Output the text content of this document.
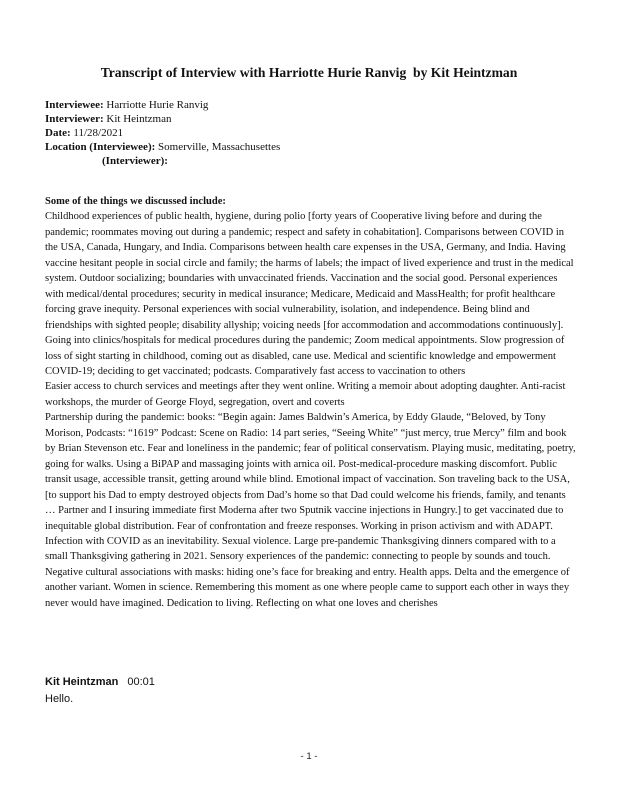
Transcript of Interview with Harriotte Hurie Ranvig  by Kit Heintzman
Interviewee: Harriotte Hurie Ranvig
Interviewer: Kit Heintzman
Date: 11/28/2021
Location (Interviewee): Somerville, Massachusettes
(Interviewer):

Some of the things we discussed include:

Childhood experiences of public health, hygiene, during polio [forty years of Cooperative living before and during the pandemic; roommates moving out during a pandemic; respect and safety in cohabitation]. Comparisons between COVID in the USA, Canada, Hungary, and India. Comparisons between health care expenses in the USA, Germany, and India. Having vaccine hesitant people in social circle and family; the harms of labels; the impact of lived experience and trust in the medical system. Outdoor socializing; boundaries with unvaccinated friends. Vaccination and the social good. Personal experiences with medical/dental procedures; security in medical insurance; Medicare, Medicaid and MassHealth; for profit healthcare forcing grave inequity. Personal experiences with social vulnerability, isolation, and independence. Being blind and friendships with sighted people; disability allyship; voicing needs [for accommodation and accommodations continuously]. Going into clinics/hospitals for medical procedures during the pandemic; Zoom medical appointments. Slow progression of loss of sight starting in childhood, coming out as disabled, cane use. Medical and scientific knowledge and empowerment COVID-19; deciding to get vaccinated; podcasts. Comparatively fast access to vaccination to others

Easier access to church services and meetings after they went online. Writing a memoir about adopting daughter. Anti-racist workshops, the murder of George Floyd, segregation, overt and coverts

Partnership during the pandemic: books: “Begin again: James Baldwin’s America, by Eddy Glaude, “Beloved, by Tony Morison, Podcasts: “1619” Podcast: Scene on Radio: 14 part series, “Seeing White” “just mercy, true Mercy” film and book by Brian Stevenson etc. Fear and loneliness in the pandemic; fear of political conservatism. Playing music, meditating, poetry, going for walks. Using a BiPAP and massaging joints with arnica oil. Post-medical-procedure masking discomfort. Public transit usage, accessible transit, getting around while blind. Emotional impact of vaccination. Son traveling back to the USA, [to support his Dad to empty destroyed objects from Dad’s home so that Dad could welcome his friends, family, and tenants … Partner and I insuring immediate first Moderna after two Sputnik vaccine injections in Hungry.] to get vaccinated due to inequitable global distribution. Fear of confrontation and freeze responses. Working in prison activism and with ADAPT. Infection with COVID as an inevitability. Sexual violence. Large pre-pandemic Thanksgiving dinners compared with to a small Thanksgiving gathering in 2021. Sensory experiences of the pandemic: connecting to people by sounds and touch. Negative cultural associations with masks: hiding one’s face for breaking and entry. Health apps. Delta and the emergence of another variant. Women in science. Remembering this moment as one where people came to support each other in ways they never would have imagined. Dedication to living. Reflecting on what one loves and cherishes

Kit Heintzman 00:01

Hello.

- 1 -
